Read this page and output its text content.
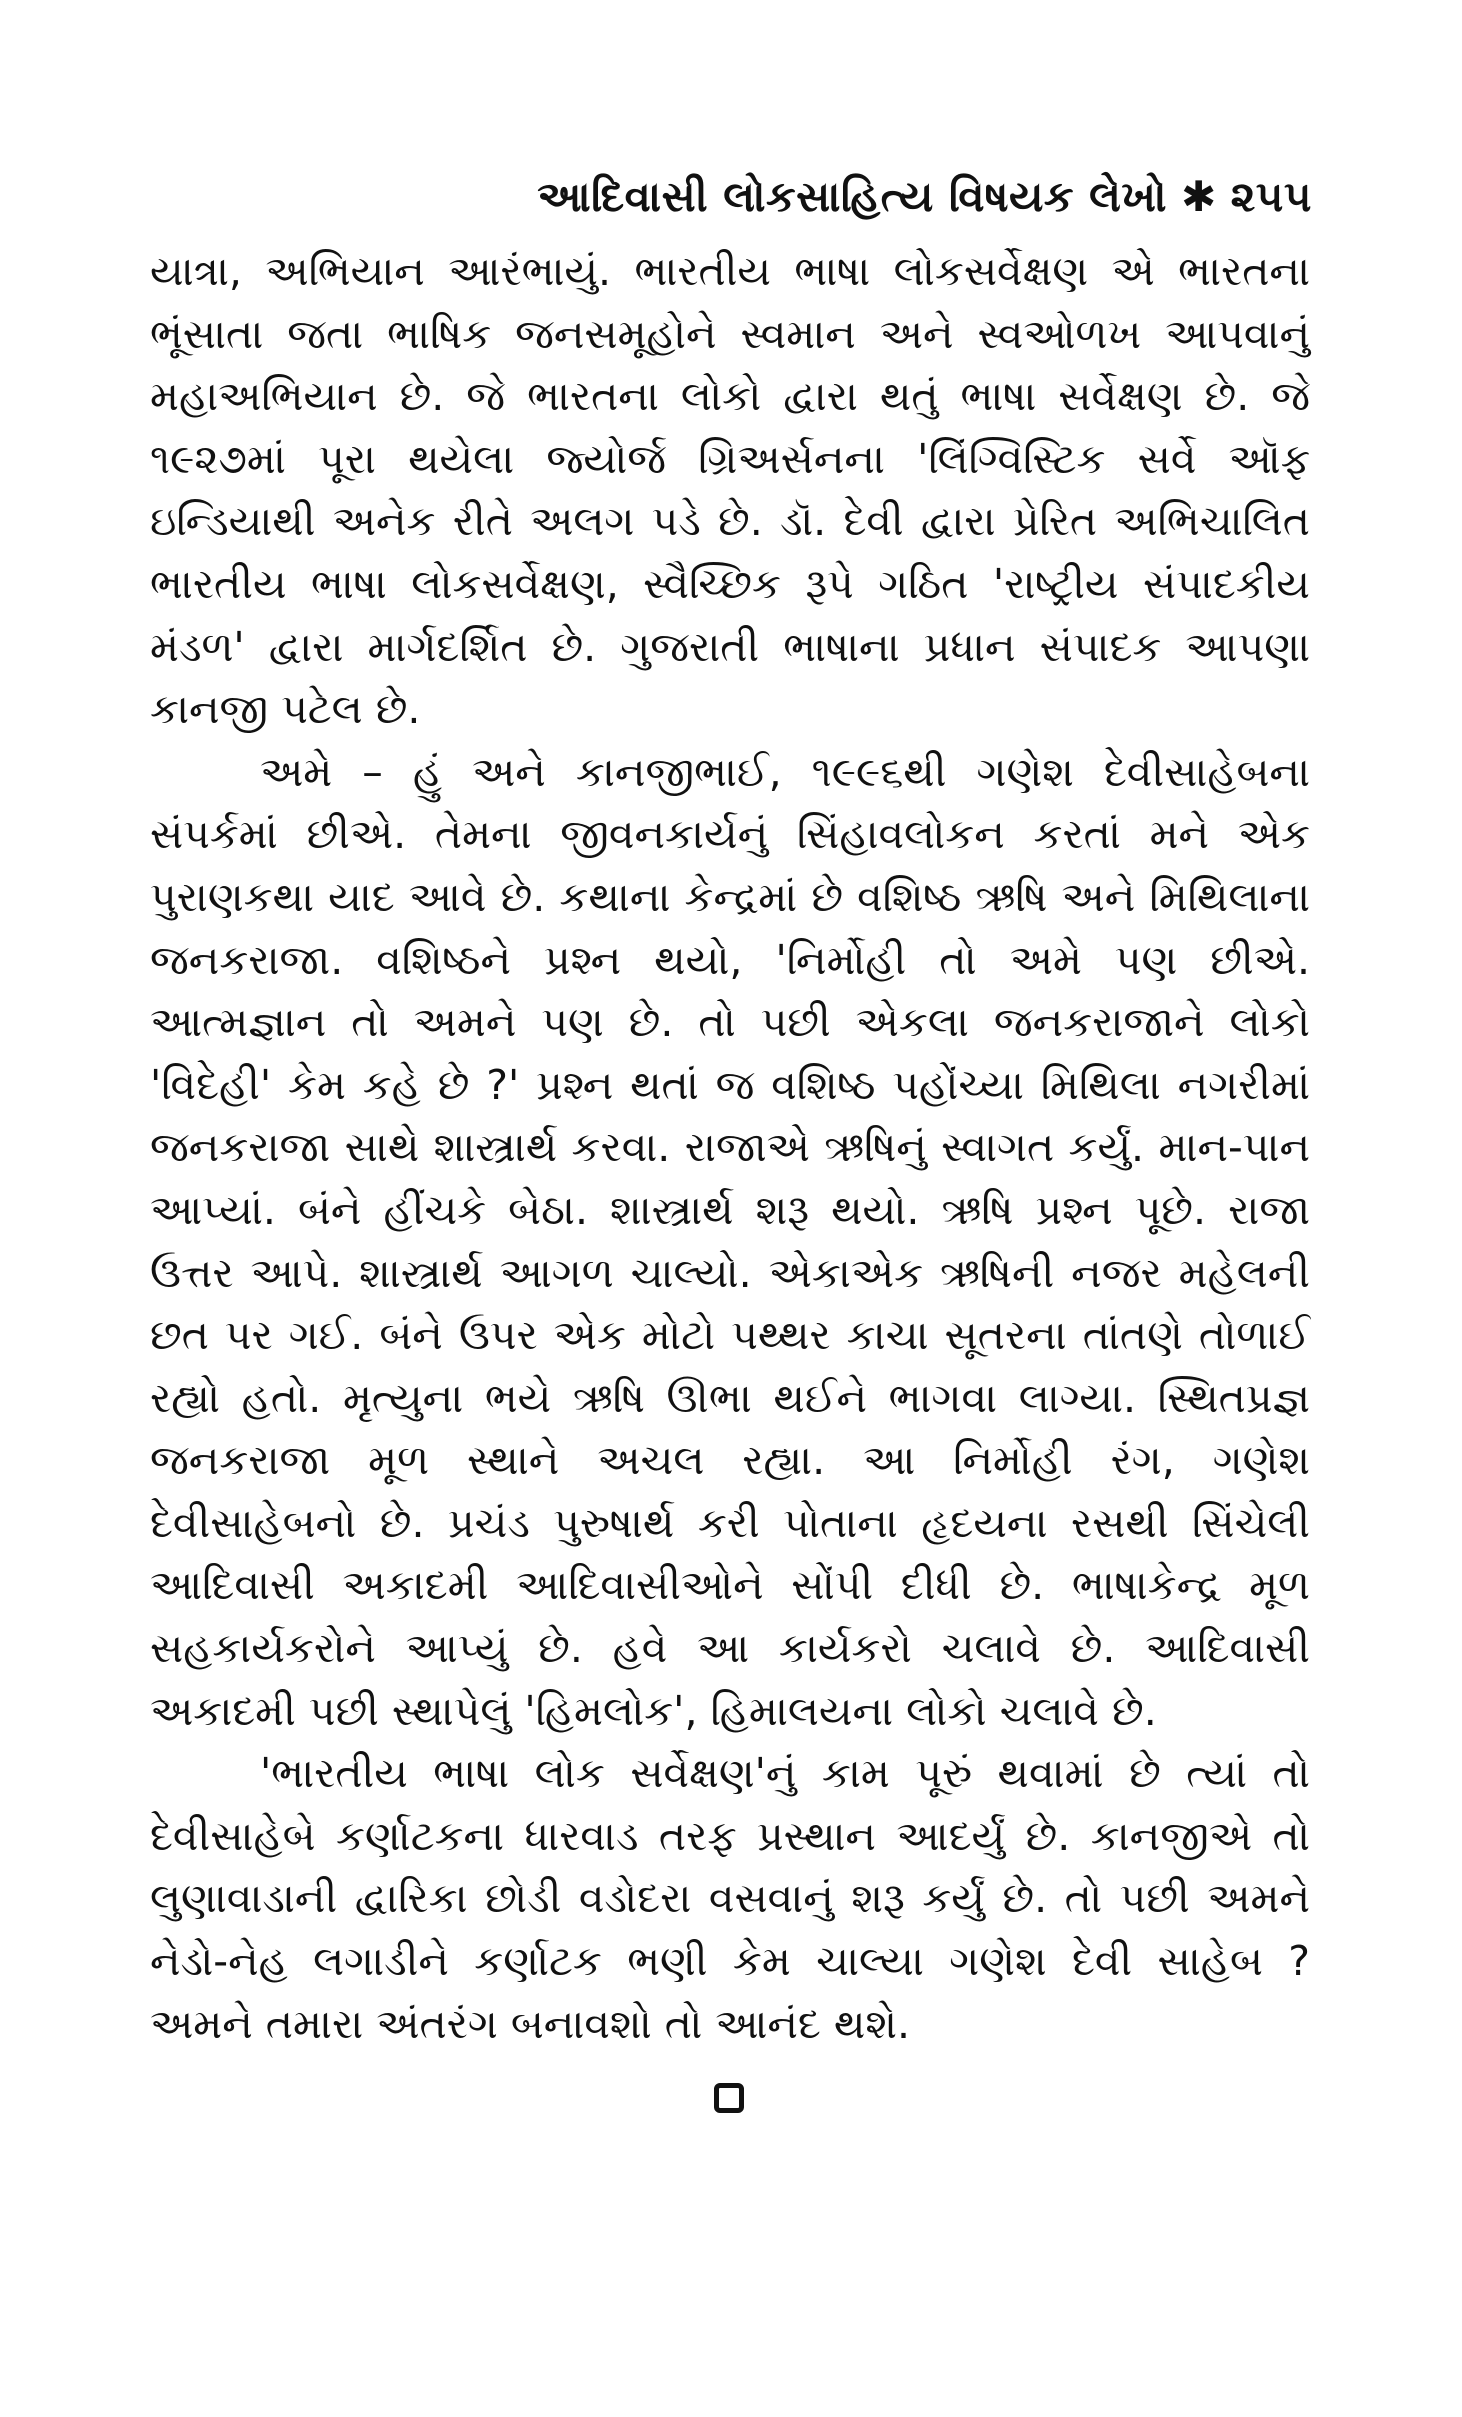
આદિવાસી લોકસાહિત્ય વિષયક લેખો ✱ ૨૫૫

યાત્રા, અભિયાન આરંભાયું. ભારતીય ભાષા લોકસર્વેક્ષણ એ ભારતના ભૂંસાતા જતા ભાષિક જનસમૂહોને સ્વમાન અને સ્વઓળખ આપવાનું મહાઅભિયાન છે. જે ભારતના લોકો દ્વારા થતું ભાષા સર્વેક્ષણ છે. જે ૧૯૨૭માં પૂરા થયેલા જ્યોર્જ ગ્રિઅર્સનના 'લિંગ્વિસ્ટિક સર્વે ઑફ ઇન્ડિયાથી અનેક રીતે અલગ પડે છે. ડૉ. દેવી દ્વારા પ્રેરિત અભિચાલિત ભારતીય ભાષા લોકસર્વેક્ષણ, સ્વૈચ્છિક રૂપે ગઠિત 'રાષ્ટ્રીય સંપાદકીય મંડળ' દ્વારા માર્ગદર્શિત છે. ગુજરાતી ભાષાના પ્રધાન સંપાદક આપણા કાનજી પટેલ છે.

અમે – હું અને કાનજીભાઈ, ૧૯૯૬થી ગણેશ દેવીસાહેબના સંપર્કમાં છીએ. તેમના જીવનકાર્યનું સિંહાવલોકન કરતાં મને એક પુરાણકથા યાદ આવે છે. કથાના કેન્દ્રમાં છે વશિષ્ઠ ઋષિ અને મિથિલાના જનકરાજા. વશિષ્ઠને પ્રશ્ન થયો, 'નિર્મોહી તો અમે પણ છીએ. આત્મજ્ઞાન તો અમને પણ છે. તો પછી એકલા જનકરાજાને લોકો 'વિદેહી' કેમ કહે છે ?' પ્રશ્ન થતાં જ વશિષ્ઠ પહોંચ્યા મિથિલા નગરીમાં જનકરાજા સાથે શાસ્ત્રાર્થ કરવા. રાજાએ ઋષિનું સ્વાગત કર્યું. માન-પાન આપ્યાં. બંને હીંચકે બેઠા. શાસ્ત્રાર્થ શરૂ થયો. ઋષિ પ્રશ્ન પૂછે. રાજા ઉત્તર આપે. શાસ્ત્રાર્થ આગળ ચાલ્યો. એકાએક ઋષિની નજર મહેલની છત પર ગઈ. બંને ઉપર એક મોટો પથ્થર કાચા સૂતરના તાંતણે તોળાઈ રહ્યો હતો. મૃત્યુના ભયે ઋષિ ઊભા થઈને ભાગવા લાગ્યા. સ્થિતપ્રજ્ઞ જનકરાજા મૂળ સ્થાને અચલ રહ્યા. આ નિર્મોહી રંગ, ગણેશ દેવીસાહેબનો છે. પ્રચંડ પુરુષાર્થ કરી પોતાના હૃદયના રસથી સિંચેલી આદિવાસી અકાદમી આદિવાસીઓને સોંપી દીધી છે. ભાષાકેન્દ્ર મૂળ સહકાર્યકરોને આપ્યું છે. હવે આ કાર્યકરો ચલાવે છે. આદિવાસી અકાદમી પછી સ્થાપેલું 'હિમલોક', હિમાલયના લોકો ચલાવે છે.

'ભારતીય ભાષા લોક સર્વેક્ષણ'નું કામ પૂરું થવામાં છે ત્યાં તો દેવીસાહેબે કર્ણાટકના ધારવાડ તરફ પ્રસ્થાન આદર્યું છે. કાનજીએ તો લુણાવાડાની દ્વારિકા છોડી વડોદરા વસવાનું શરૂ કર્યું છે. તો પછી અમને નેડો-નેહ લગાડીને કર્ણાટક ભણી કેમ ચાલ્યા ગણેશ દેવી સાહેબ ? અમને તમારા અંતરંગ બનાવશો તો આનંદ થશે.
